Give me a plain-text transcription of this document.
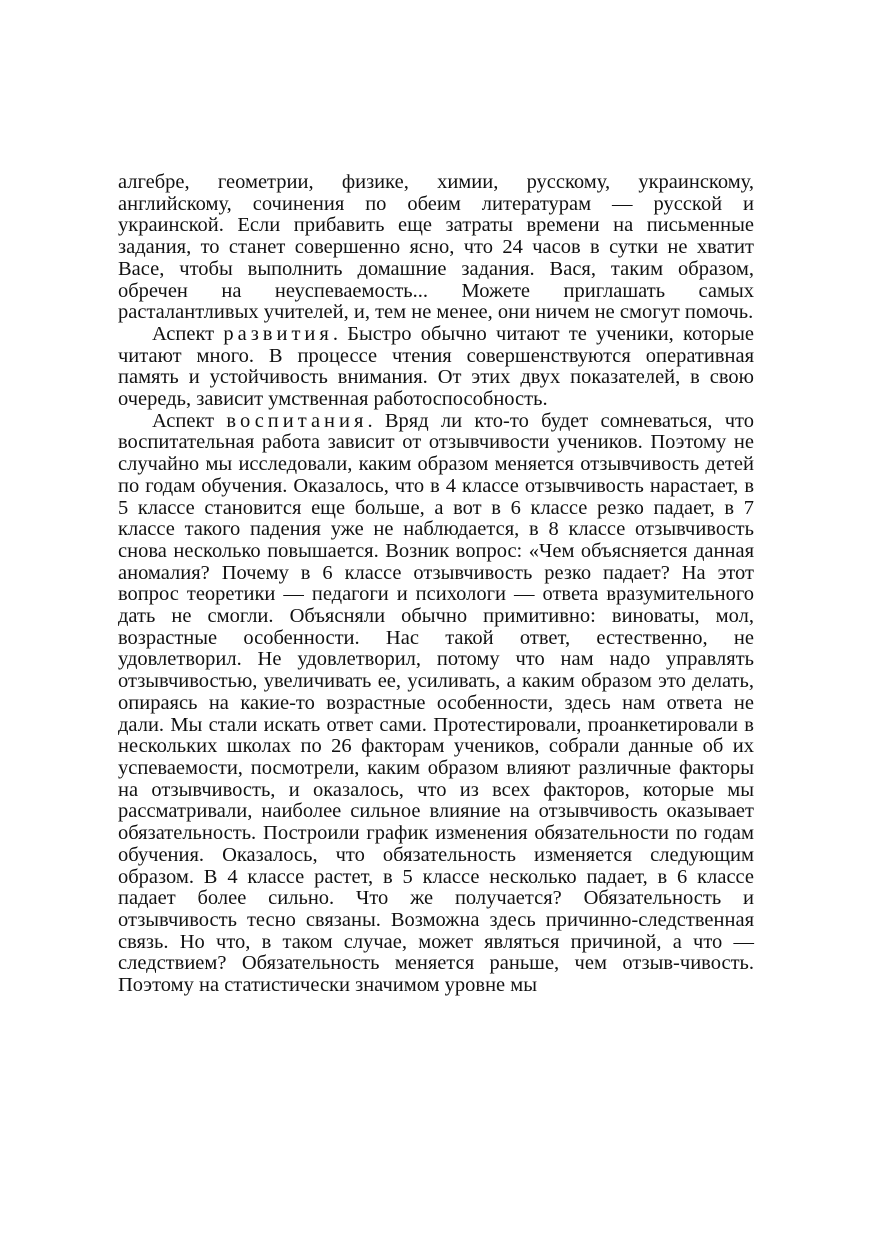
алгебре, геометрии, физике, химии, русскому, украинскому, английскому, сочинения по обеим литературам — русской и украинской. Если прибавить еще затраты времени на письменные задания, то станет совершенно ясно, что 24 часов в сутки не хватит Васе, чтобы выполнить домашние задания. Вася, таким образом, обречен на неуспеваемость... Можете приглашать самых расталантливых учителей, и, тем не менее, они ничем не смогут помочь.

Аспект развития. Быстро обычно читают те ученики, которые читают много. В процессе чтения совершенствуются оперативная память и устойчивость внимания. От этих двух показателей, в свою очередь, зависит умственная работоспособность.

Аспект воспитания. Вряд ли кто-то будет сомневаться, что воспитательная работа зависит от отзывчивости учеников. Поэтому не случайно мы исследовали, каким образом меняется отзывчивость детей по годам обучения. Оказалось, что в 4 классе отзывчивость нарастает, в 5 классе становится еще больше, а вот в 6 классе резко падает, в 7 классе такого падения уже не наблюдается, в 8 классе отзывчивость снова несколько повышается. Возник вопрос: «Чем объясняется данная аномалия? Почему в 6 классе отзывчивость резко падает? На этот вопрос теоретики — педагоги и психологи — ответа вразумительного дать не смогли. Объясняли обычно примитивно: виноваты, мол, возрастные особенности. Нас такой ответ, естественно, не удовлетворил. Не удовлетворил, потому что нам надо управлять отзывчивостью, увеличивать ее, усиливать, а каким образом это делать, опираясь на какие-то возрастные особенности, здесь нам ответа не дали. Мы стали искать ответ сами. Протестировали, проанкетировали в нескольких школах по 26 факторам учеников, собрали данные об их успеваемости, посмотрели, каким образом влияют различные факторы на отзывчивость, и оказалось, что из всех факторов, которые мы рассматривали, наиболее сильное влияние на отзывчивость оказывает обязательность. Построили график изменения обязательности по годам обучения. Оказалось, что обязательность изменяется следующим образом. В 4 классе растет, в 5 классе несколько падает, в 6 классе падает более сильно. Что же получается? Обязательность и отзывчивость тесно связаны. Возможна здесь причинно-следственная связь. Но что, в таком случае, может являться причиной, а что — следствием? Обязательность меняется раньше, чем отзыв-чивость. Поэтому на статистически значимом уровне мы
